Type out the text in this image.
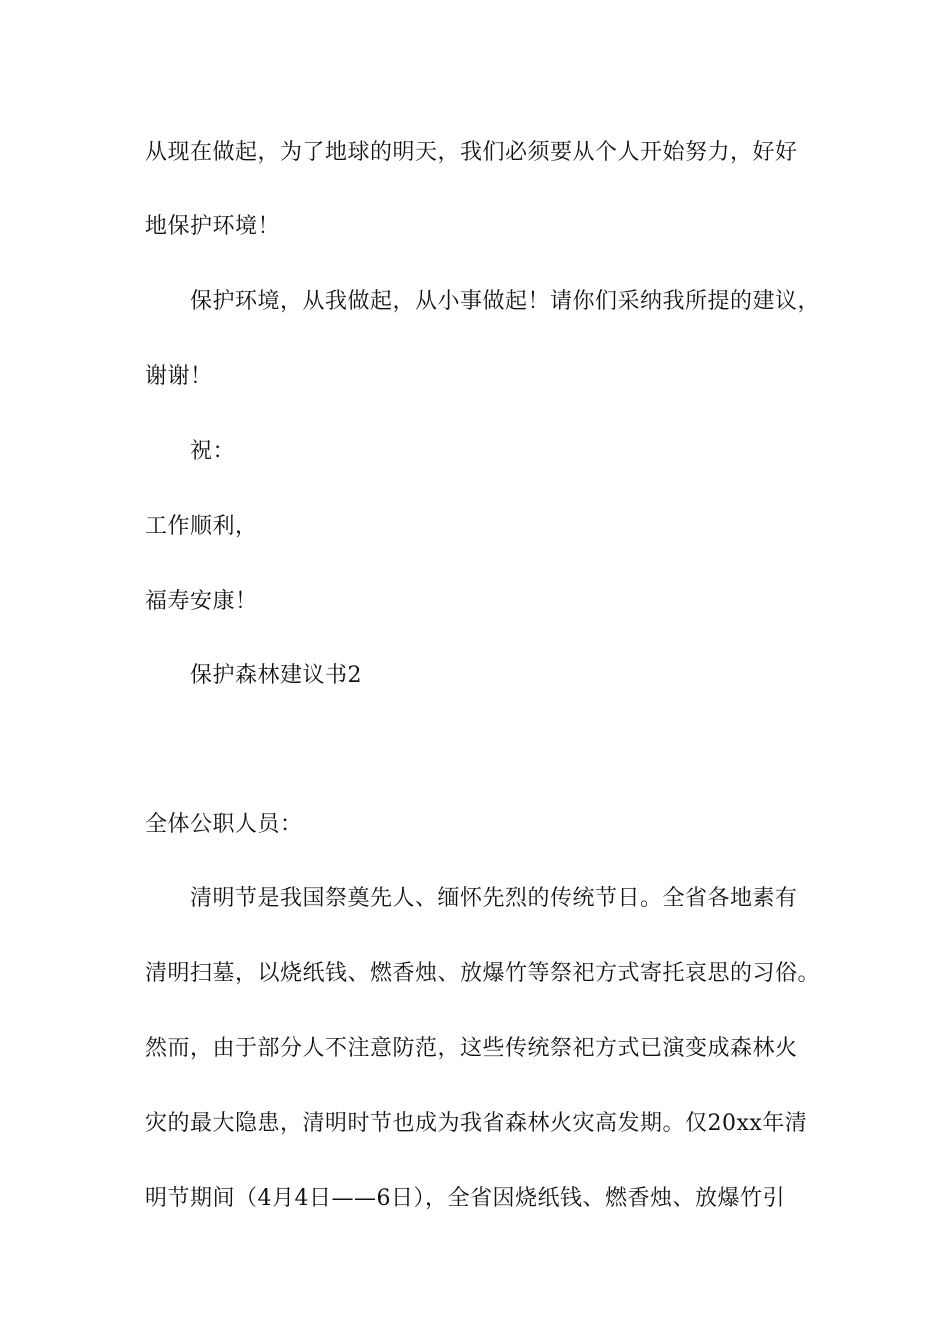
从现在做起，为了地球的明天，我们必须要从个人开始努力，好好
地保护环境！
保护环境，从我做起，从小事做起！请你们采纳我所提的建议，
谢谢！
祝：
工作顺利，
福寿安康！
保护森林建议书2
全体公职人员：
清明节是我国祭奠先人、缅怀先烈的传统节日。全省各地素有
清明扫墓，以烧纸钱、燃香烛、放爆竹等祭祀方式寄托哀思的习俗。
然而，由于部分人不注意防范，这些传统祭祀方式已演变成森林火
灾的最大隐患，清明时节也成为我省森林火灾高发期。仅20xx年清
明节期间（4月4日——6日），全省因烧纸钱、燃香烛、放爆竹引
